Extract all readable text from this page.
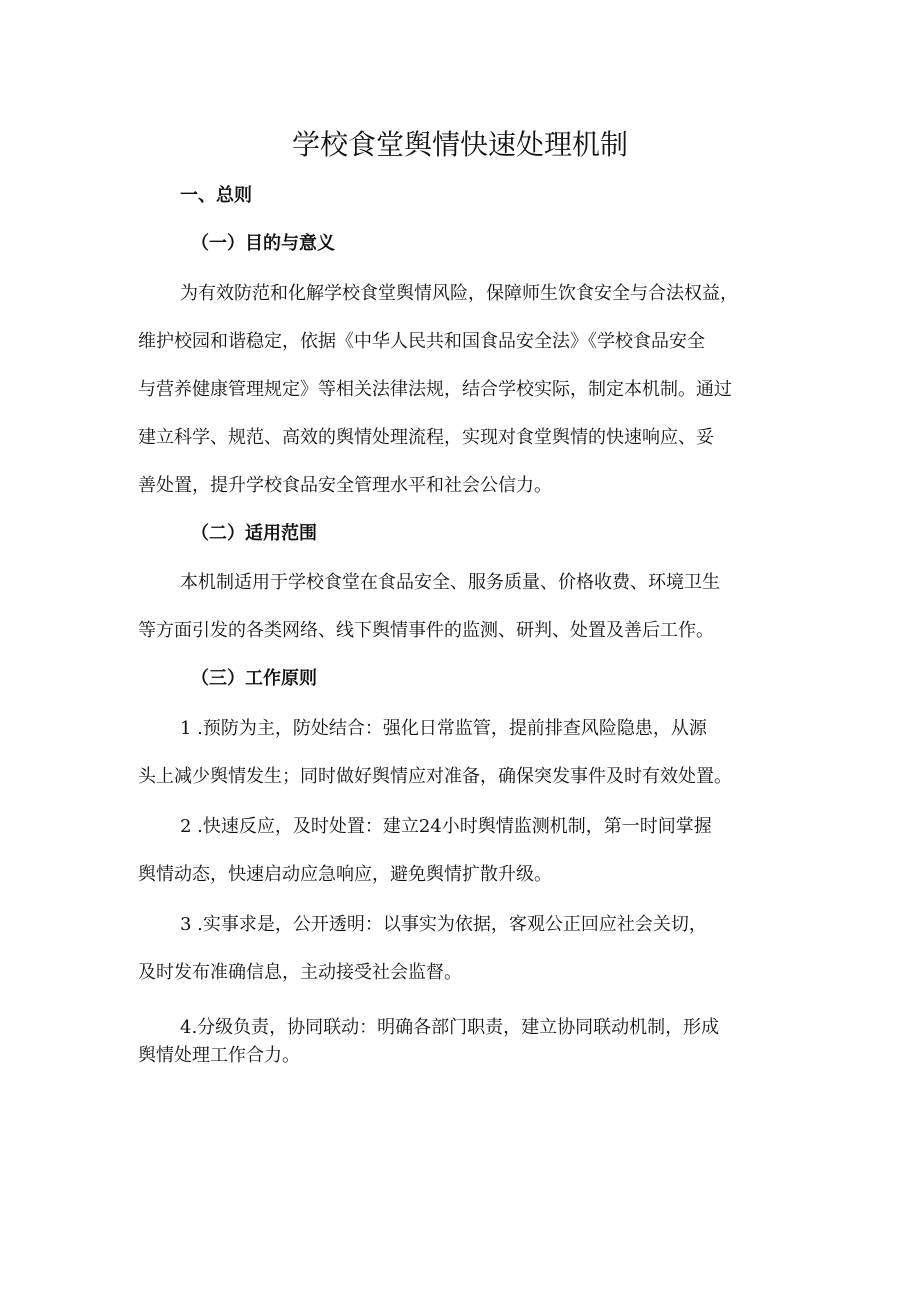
学校食堂舆情快速处理机制
一、总则
（一）目的与意义
为有效防范和化解学校食堂舆情风险，保障师生饮食安全与合法权益，
维护校园和谐稳定，依据《中华人民共和国食品安全法》《学校食品安全
与营养健康管理规定》等相关法律法规，结合学校实际，制定本机制。通过
建立科学、规范、高效的舆情处理流程，实现对食堂舆情的快速响应、妥
善处置，提升学校食品安全管理水平和社会公信力。
（二）适用范围
本机制适用于学校食堂在食品安全、服务质量、价格收费、环境卫生
等方面引发的各类网络、线下舆情事件的监测、研判、处置及善后工作。
（三）工作原则
1 .预防为主，防处结合：强化日常监管，提前排查风险隐患，从源
头上减少舆情发生；同时做好舆情应对准备，确保突发事件及时有效处置。
2 .快速反应，及时处置：建立24小时舆情监测机制，第一时间掌握
舆情动态，快速启动应急响应，避免舆情扩散升级。
3 .实事求是，公开透明：以事实为依据，客观公正回应社会关切，
及时发布准确信息，主动接受社会监督。
4.分级负责，协同联动：明确各部门职责，建立协同联动机制，形成
舆情处理工作合力。
